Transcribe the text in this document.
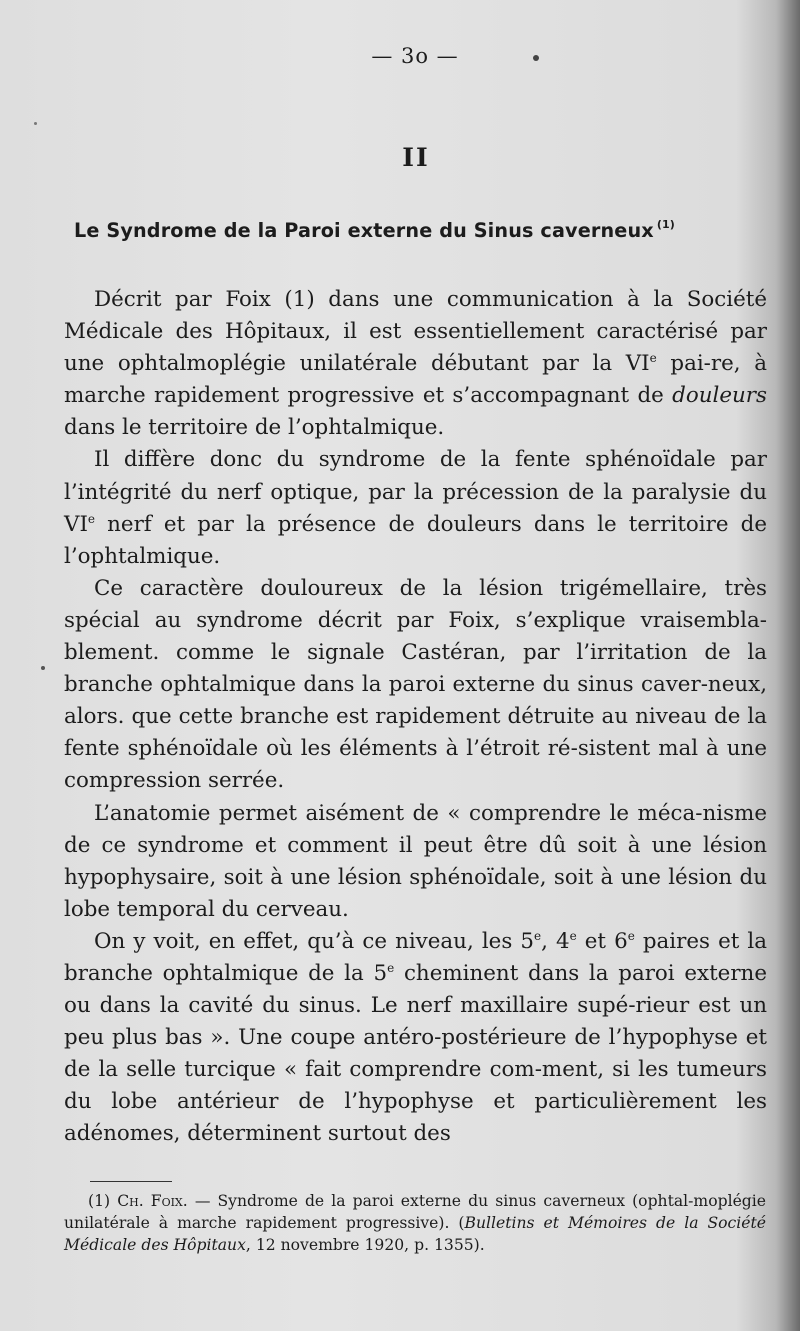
— 3o —
II
Le Syndrome de la Paroi externe du Sinus caverneux $^{(1)}$

Décrit par Foix (1) dans une communication à la Société Médicale des Hôpitaux, il est essentiellement caractérisé par une ophtalmoplégie unilatérale débutant par la VIe pai-re, à marche rapidement progressive et s’accompagnant de douleurs dans le territoire de l’ophtalmique.

Il diffère donc du syndrome de la fente sphénoïdale par l’intégrité du nerf optique, par la précession de la paralysie du VIe nerf et par la présence de douleurs dans le territoire de l’ophtalmique.

Ce caractère douloureux de la lésion trigémellaire, très spécial au syndrome décrit par Foix, s’explique vraisembla-blement. comme le signale Castéran, par l’irritation de la branche ophtalmique dans la paroi externe du sinus caver-neux, alors. que cette branche est rapidement détruite au niveau de la fente sphénoïdale où les éléments à l’étroit ré-sistent mal à une compression serrée.

L’anatomie permet aisément de « comprendre le méca-nisme de ce syndrome et comment il peut être dû soit à une lésion hypophysaire, soit à une lésion sphénoïdale, soit à une lésion du lobe temporal du cerveau.

On y voit, en effet, qu’à ce niveau, les 5e, 4e et 6e paires et la branche ophtalmique de la 5e cheminent dans la paroi externe ou dans la cavité du sinus. Le nerf maxillaire supé-rieur est un peu plus bas ». Une coupe antéro-postérieure de l’hypophyse et de la selle turcique « fait comprendre com-ment, si les tumeurs du lobe antérieur de l’hypophyse et particulièrement les adénomes, déterminent surtout des

(1) Ch. Foix. — Syndrome de la paroi externe du sinus caverneux (ophtal-moplégie unilatérale à marche rapidement progressive). (Bulletins et Mémoires de la Société Médicale des Hôpitaux, 12 novembre 1920, p. 1355).
